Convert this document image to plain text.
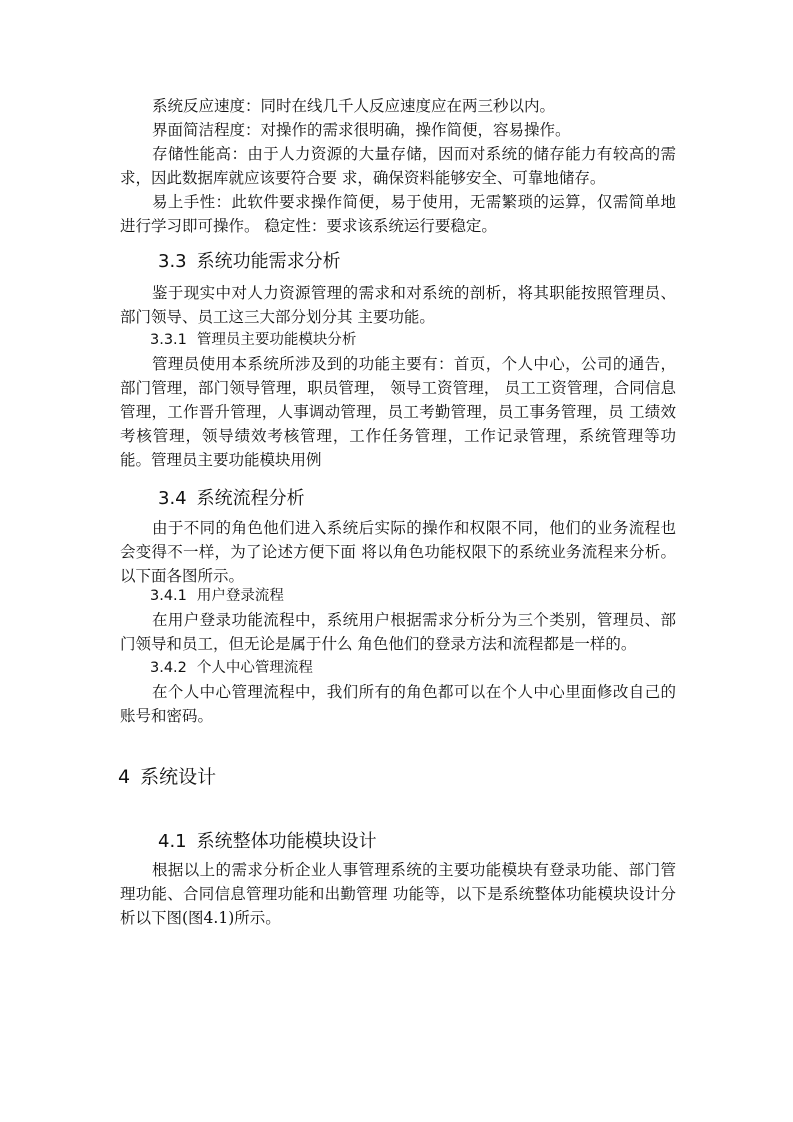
系统反应速度：同时在线几千人反应速度应在两三秒以内。

界面简洁程度：对操作的需求很明确，操作简便，容易操作。

存储性能高：由于人力资源的大量存储，因而对系统的储存能力有较高的需求，因此数据库就应该要符合要 求，确保资料能够安全、可靠地储存。

易上手性：此软件要求操作简便，易于使用，无需繁琐的运算，仅需简单地进行学习即可操作。 稳定性：要求该系统运行要稳定。

3.3 系统功能需求分析

鉴于现实中对人力资源管理的需求和对系统的剖析，将其职能按照管理员、部门领导、员工这三大部分划分其 主要功能。

3.3.1 管理员主要功能模块分析

管理员使用本系统所涉及到的功能主要有：首页，个人中心，公司的通告，部门管理，部门领导管理，职员管理， 领导工资管理， 员工工资管理，合同信息管理，工作晋升管理，人事调动管理，员工考勤管理，员工事务管理，员 工绩效考核管理，领导绩效考核管理，工作任务管理，工作记录管理，系统管理等功能。管理员主要功能模块用例

3.4 系统流程分析

由于不同的角色他们进入系统后实际的操作和权限不同，他们的业务流程也会变得不一样，为了论述方便下面 将以角色功能权限下的系统业务流程来分析。以下面各图所示。

3.4.1 用户登录流程

在用户登录功能流程中，系统用户根据需求分析分为三个类别，管理员、部门领导和员工，但无论是属于什么 角色他们的登录方法和流程都是一样的。

3.4.2 个人中心管理流程

在个人中心管理流程中，我们所有的角色都可以在个人中心里面修改自己的账号和密码。

4 系统设计
4.1 系统整体功能模块设计

根据以上的需求分析企业人事管理系统的主要功能模块有登录功能、部门管理功能、合同信息管理功能和出勤管理 功能等，以下是系统整体功能模块设计分析以下图(图4.1)所示。
